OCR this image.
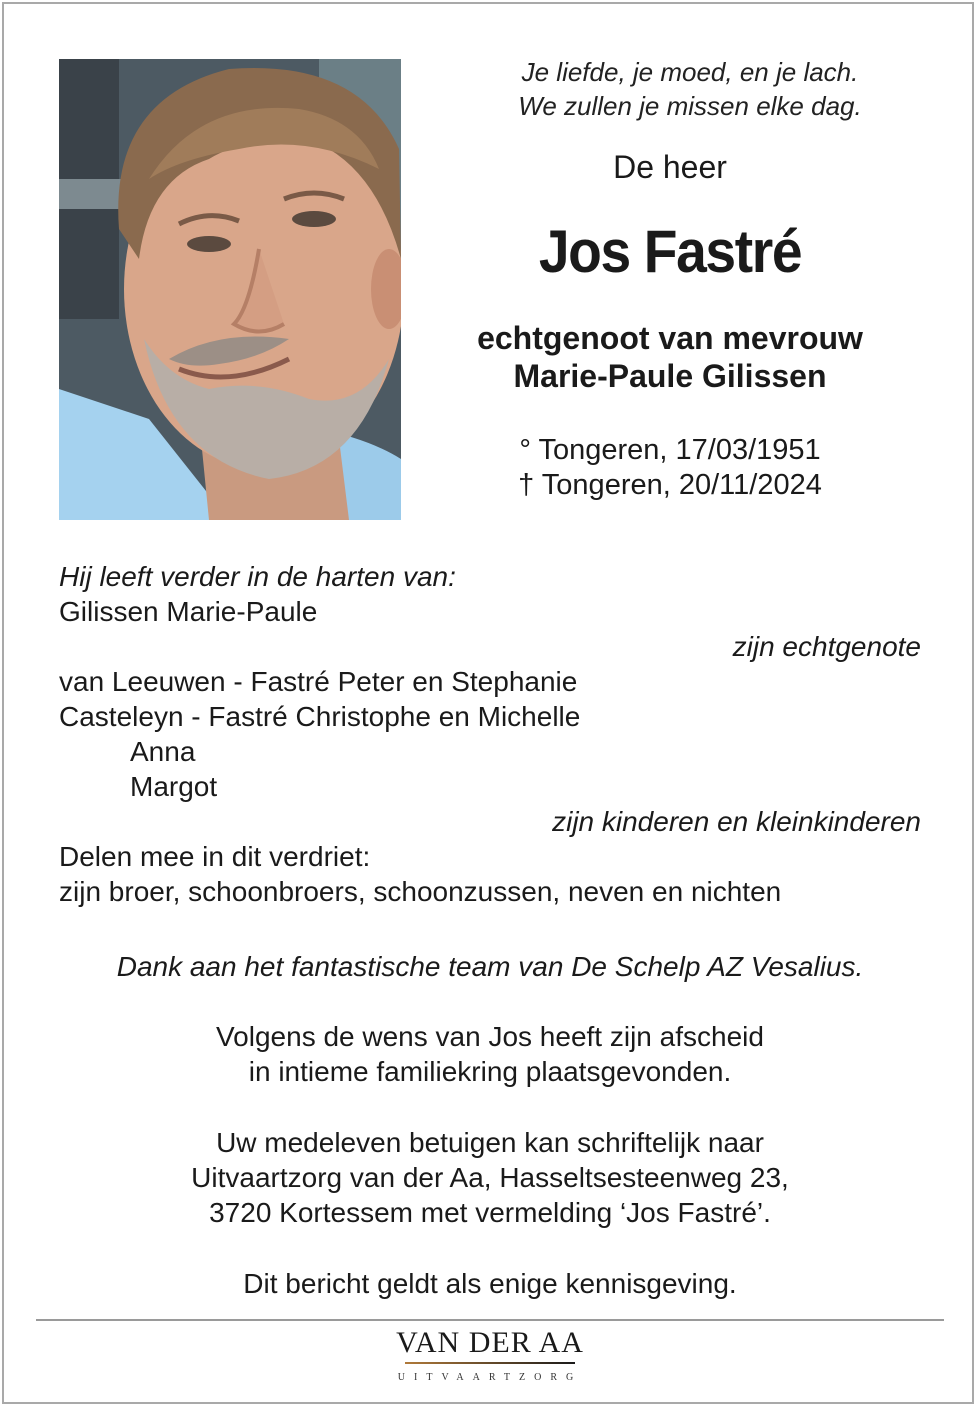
Je liefde, je moed, en je lach.

We zullen je missen elke dag.

De heer
Jos Fastré
echtgenoot van mevrouw
Marie-Paule Gilissen
° Tongeren, 17/03/1951
† Tongeren, 20/11/2024
Hij leeft verder in de harten van:
Gilissen Marie-Paule
zijn echtgenote
van Leeuwen - Fastré Peter en Stephanie
Casteleyn - Fastré Christophe en Michelle
Anna
Margot
zijn kinderen en kleinkinderen
Delen mee in dit verdriet:
zijn broer, schoonbroers, schoonzussen, neven en nichten
Dank aan het fantastische team van De Schelp AZ Vesalius.
Volgens de wens van Jos heeft zijn afscheid
in intieme familiekring plaatsgevonden.
Uw medeleven betuigen kan schriftelijk naar
Uitvaartzorg van der Aa, Hasseltsesteenweg 23,
3720 Kortessem met vermelding ‘Jos Fastré’.
Dit bericht geldt als enige kennisgeving.
VAN DER AA
UITVAARTZORG
